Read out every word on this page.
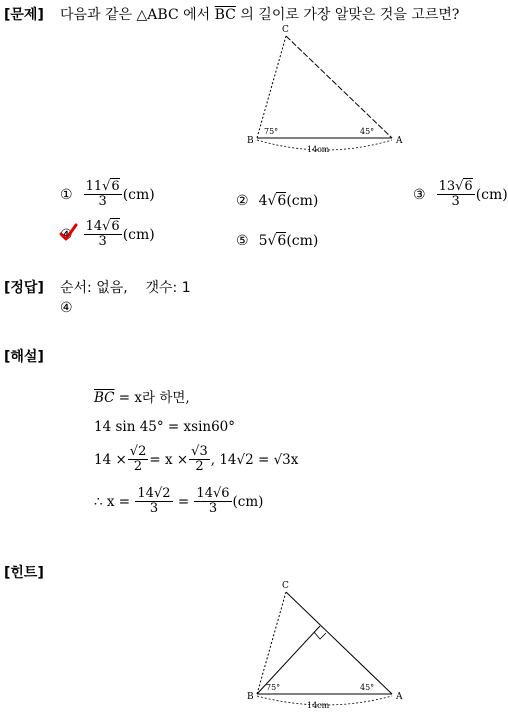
[문제] 다음과 같은 △ABC 에서 $\overline{BC}$ 의 길이로 가장 알맞은 것을 고르면?
C
B	A
75°	45°
14cm
① $\frac{11√6}{3} (cm)$	② 4 √ 6 (cm)	③ $\frac{13√6}{3} (cm)$
④ $\frac{14√6}{3} (cm)$	⑤ 5 √ 6 (cm)
[정답] 순서: 없음,    갯수: 1
④
[해설]
$\overline{BC} = x$라 하면,
14 sin 45° = xsin60°
$14 \times \frac{√2}{2} = x \times \frac{√3}{2}$ , 14√2 = √3x
∴ x =
$\frac{14√2}{3}$
=
$\frac{14√6}{3} (cm)$
[힌트]
C
B	A
75°	45°
14cm
